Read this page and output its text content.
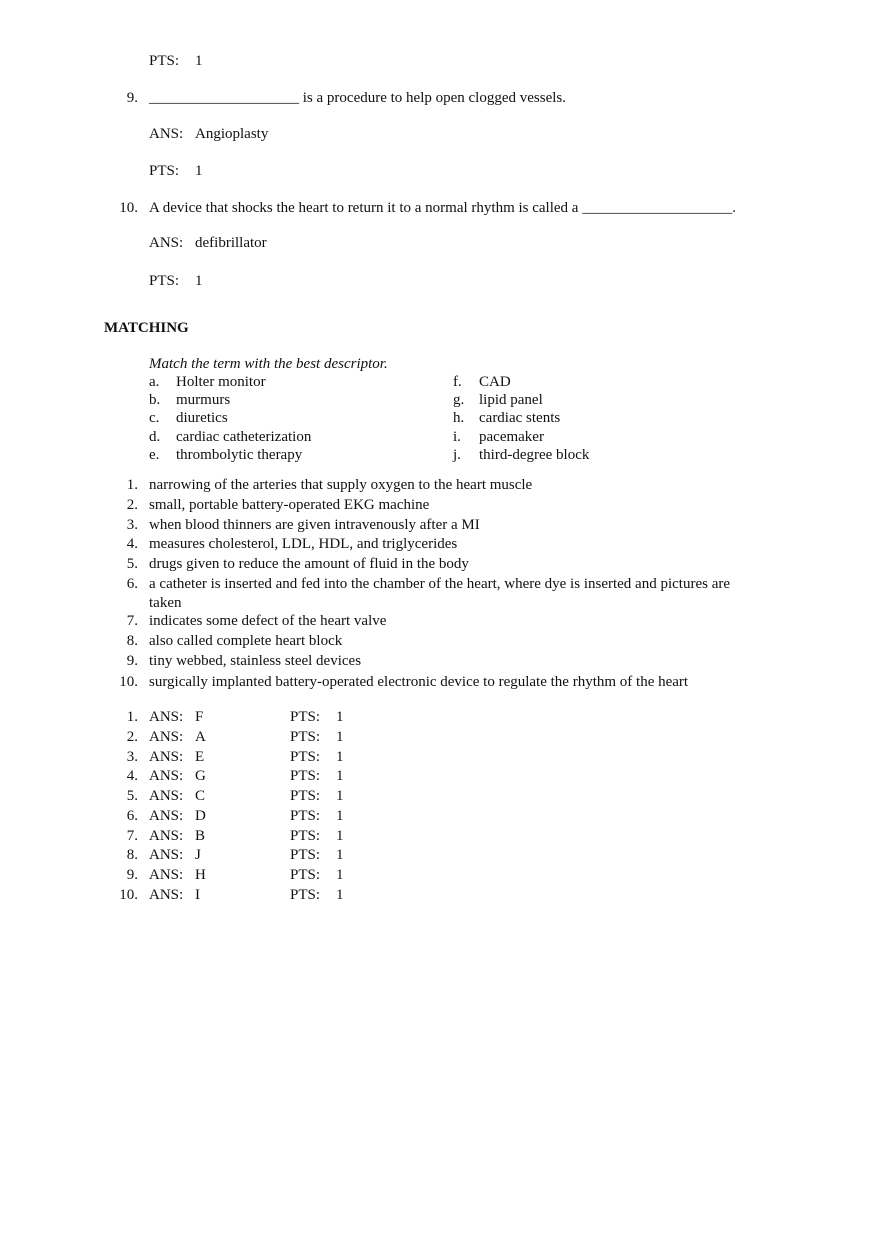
PTS: 1
9. ____________________ is a procedure to help open clogged vessels.
ANS: Angioplasty
PTS: 1
10. A device that shocks the heart to return it to a normal rhythm is called a ____________________.
ANS: defibrillator
PTS: 1
MATCHING
Match the term with the best descriptor.
a. Holter monitor
b. murmurs
c. diuretics
d. cardiac catheterization
e. thrombolytic therapy
f. CAD
g. lipid panel
h. cardiac stents
i. pacemaker
j. third-degree block
1. narrowing of the arteries that supply oxygen to the heart muscle
2. small, portable battery-operated EKG machine
3. when blood thinners are given intravenously after a MI
4. measures cholesterol, LDL, HDL, and triglycerides
5. drugs given to reduce the amount of fluid in the body
6. a catheter is inserted and fed into the chamber of the heart, where dye is inserted and pictures are
taken
7. indicates some defect of the heart valve
8. also called complete heart block
9. tiny webbed, stainless steel devices
10. surgically implanted battery-operated electronic device to regulate the rhythm of the heart
1. ANS: F	PTS: 1
2. ANS: A	PTS: 1
3. ANS: E	PTS: 1
4. ANS: G	PTS: 1
5. ANS: C	PTS: 1
6. ANS: D	PTS: 1
7. ANS: B	PTS: 1
8. ANS: J	PTS: 1
9. ANS: H	PTS: 1
10. ANS: I	PTS: 1
